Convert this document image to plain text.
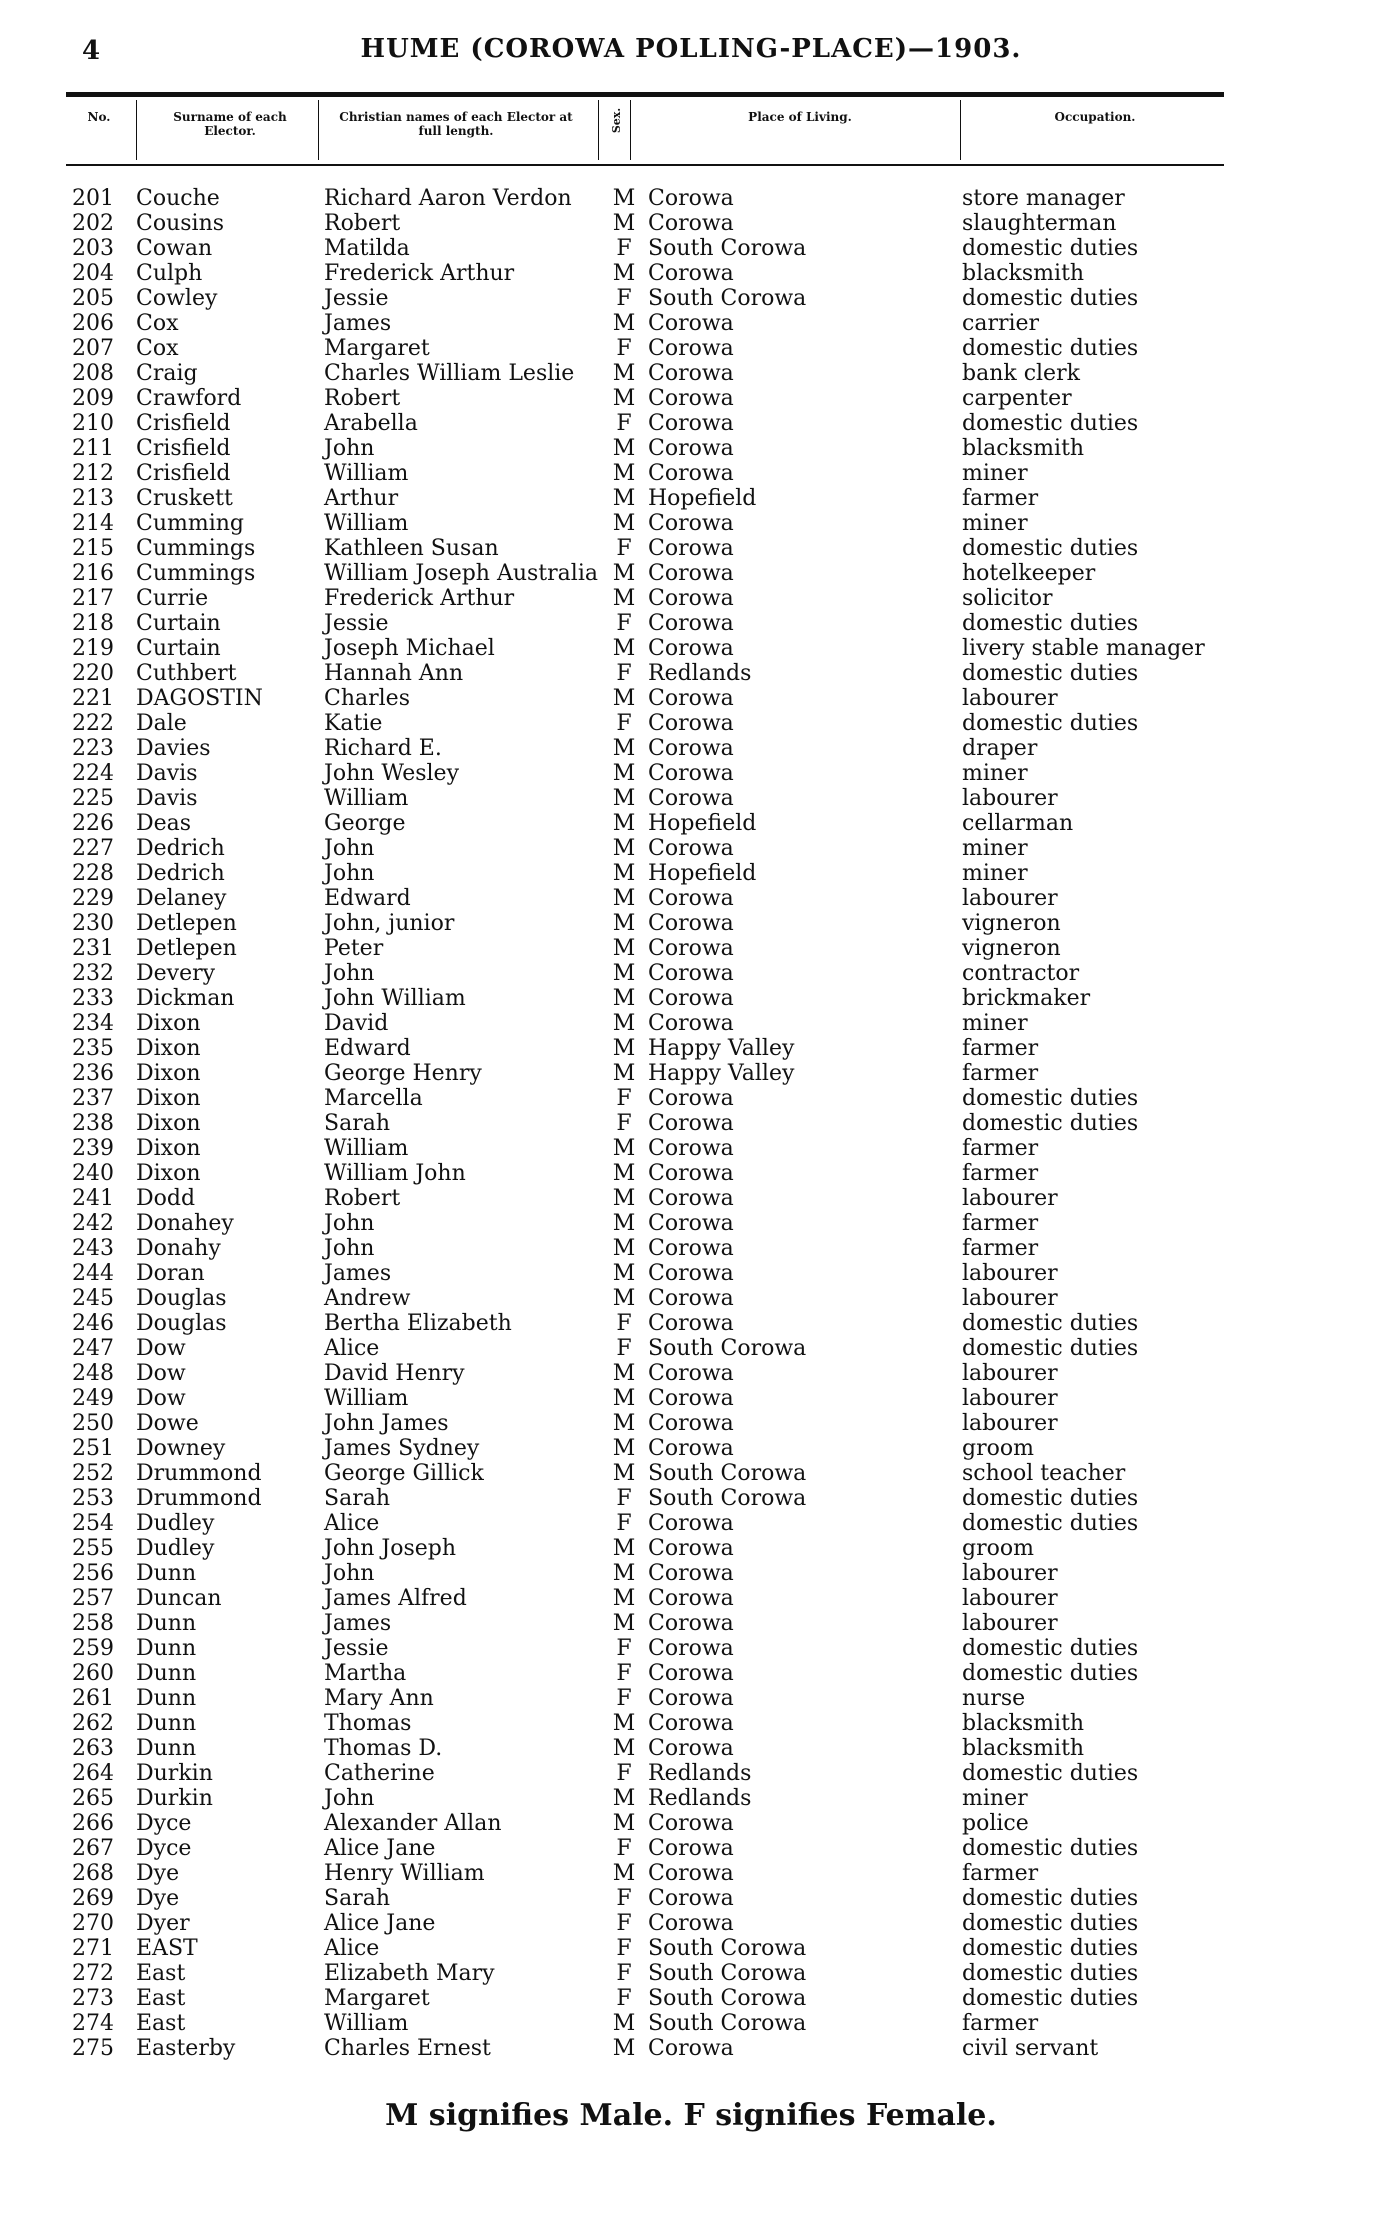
4	HUME (COROWA POLLING-PLACE)—1903.
No.	Surname of each Elector.
Christian names of each Elector at full length.	Sex.	Place of Living.	Occupation.
201 Couche	Richard Aaron Verdon M Corowa	store manager
202 Cousins	Robert	M Corowa	slaughterman
203 Cowan	Matilda	F South Corowa	domestic duties
204 Culph	Frederick Arthur	M Corowa	blacksmith
205 Cowley	Jessie	F South Corowa	domestic duties
206 Cox	James	M Corowa	carrier
207 Cox	Margaret	F Corowa	domestic duties
208 Craig	Charles William Leslie M Corowa	bank clerk
209 Crawford	Robert	M Corowa	carpenter
210 Crisfield	Arabella	F Corowa	domestic duties
211 Crisfield	John	M Corowa	blacksmith
212 Crisfield	William	M Corowa	miner
213 Cruskett	Arthur	M Hopefield	farmer
214 Cumming	William	M Corowa	miner
215 Cummings	Kathleen Susan	F Corowa	domestic duties
216 Cummings	William Joseph Australia M Corowa	hotelkeeper
217 Currie	Frederick Arthur	M Corowa	solicitor
218 Curtain	Jessie	F Corowa	domestic duties
219 Curtain	Joseph Michael	M Corowa	livery stable manager
220 Cuthbert	Hannah Ann	F Redlands	domestic duties
221 DAGOSTIN	Charles	M Corowa	labourer
222 Dale	Katie	F Corowa	domestic duties
223 Davies	Richard E.	M Corowa	draper
224 Davis	John Wesley	M Corowa	miner
225 Davis	William	M Corowa	labourer
226 Deas	George	M Hopefield	cellarman
227 Dedrich	John	M Corowa	miner
228 Dedrich	John	M Hopefield	miner
229 Delaney	Edward	M Corowa	labourer
230 Detlepen	John, junior	M Corowa	vigneron
231 Detlepen	Peter	M Corowa	vigneron
232 Devery	John	M Corowa	contractor
233 Dickman	John William	M Corowa	brickmaker
234 Dixon	David	M Corowa	miner
235 Dixon	Edward	M Happy Valley	farmer
236 Dixon	George Henry	M Happy Valley	farmer
237 Dixon	Marcella	F Corowa	domestic duties
238 Dixon	Sarah	F Corowa	domestic duties
239 Dixon	William	M Corowa	farmer
240 Dixon	William John	M Corowa	farmer
241 Dodd	Robert	M Corowa	labourer
242 Donahey	John	M Corowa	farmer
243 Donahy	John	M Corowa	farmer
244 Doran	James	M Corowa	labourer
245 Douglas	Andrew	M Corowa	labourer
246 Douglas	Bertha Elizabeth	F Corowa	domestic duties
247 Dow	Alice	F South Corowa	domestic duties
248 Dow	David Henry	M Corowa	labourer
249 Dow	William	M Corowa	labourer
250 Dowe	John James	M Corowa	labourer
251 Downey	James Sydney	M Corowa	groom
252 Drummond	George Gillick	M South Corowa	school teacher
253 Drummond	Sarah	F South Corowa	domestic duties
254 Dudley	Alice	F Corowa	domestic duties
255 Dudley	John Joseph	M Corowa	groom
256 Dunn	John	M Corowa	labourer
257 Duncan	James Alfred	M Corowa	labourer
258 Dunn	James	M Corowa	labourer
259 Dunn	Jessie	F Corowa	domestic duties
260 Dunn	Martha	F Corowa	domestic duties
261 Dunn	Mary Ann	F Corowa	nurse
262 Dunn	Thomas	M Corowa	blacksmith
263 Dunn	Thomas D.	M Corowa	blacksmith
264 Durkin	Catherine	F Redlands	domestic duties
265 Durkin	John	M Redlands	miner
266 Dyce	Alexander Allan	M Corowa	police
267 Dyce	Alice Jane	F Corowa	domestic duties
268 Dye	Henry William	M Corowa	farmer
269 Dye	Sarah	F Corowa	domestic duties
270 Dyer	Alice Jane	F Corowa	domestic duties
271 EAST	Alice	F South Corowa	domestic duties
272 East	Elizabeth Mary	F South Corowa	domestic duties
273 East	Margaret	F South Corowa	domestic duties
274 East	William	M South Corowa	farmer
275 Easterby	Charles Ernest	M Corowa	civil servant
M signifies Male. F signifies Female.
